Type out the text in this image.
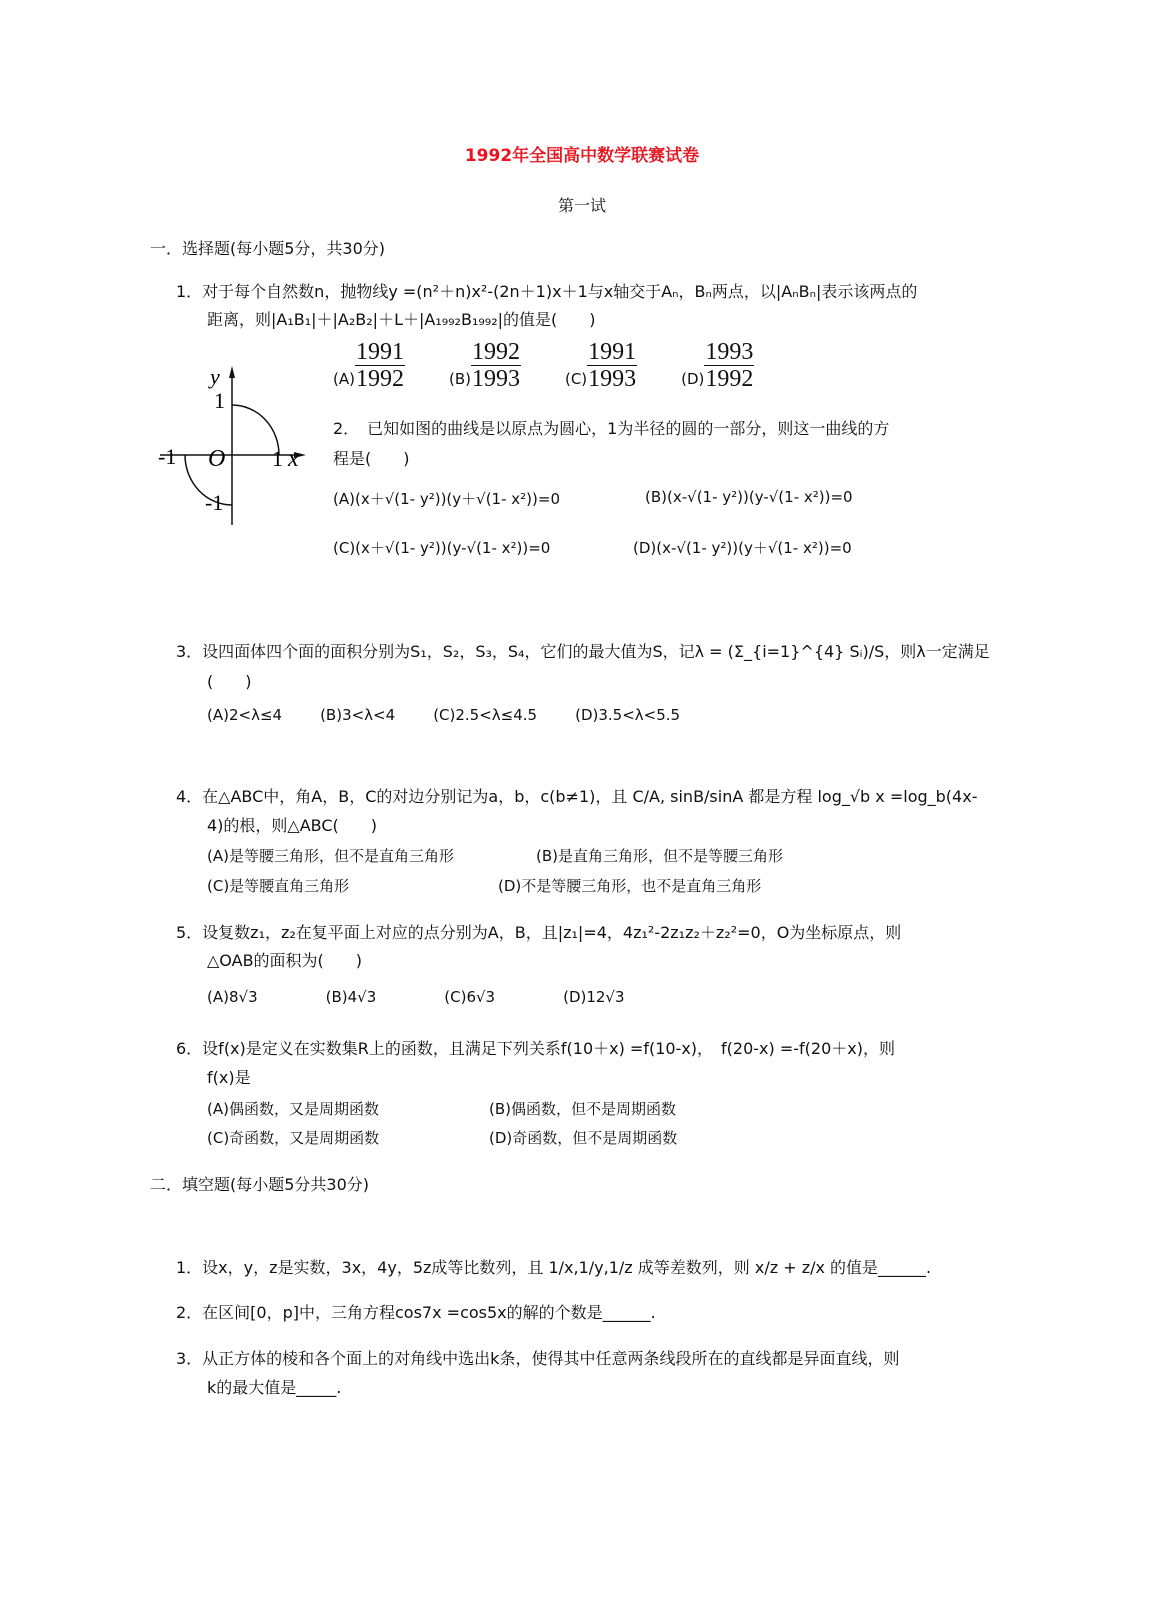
1992年全国高中数学联赛试卷
第一试
一．选择题(每小题5分，共30分)
1．对于每个自然数n，抛物线y =(n²＋n)x²-(2n＋1)x＋1与x轴交于Aₙ，Bₙ两点，以|AₙBₙ|表示该两点的
距离，则|A₁B₁|＋|A₂B₂|＋L＋|A₁₉₉₂B₁₉₉₂|的值是(　　)
$(A) \frac{1991}{1992}$	$(B) \frac{1992}{1993}$	$(C) \frac{1991}{1993}$	$(D) \frac{1993}{1992}$
y
1
-1 O 1 x
-1
2．　已知如图的曲线是以原点为圆心，1为半径的圆的一部分，则这一曲线的方
程是(　　)
(A)(x＋√(1- y²))(y＋√(1- x²))=0	(B)(x-√(1- y²))(y-√(1- x²))=0
(C)(x＋√(1- y²))(y-√(1- x²))=0	(D)(x-√(1- y²))(y＋√(1- x²))=0
3．设四面体四个面的面积分别为S₁，S₂，S₃，S₄，它们的最大值为S，记λ = (Σ_{i=1}^{4} Sᵢ)/S，则λ一定满足
(　　)
(A)2<λ≤4	(B)3<λ<4	(C)2.5<λ≤4.5	(D)3.5<λ<5.5
4．在△ABC中，角A，B，C的对边分别记为a，b，c(b≠1)，且 C/A, sinB/sinA 都是方程 log_√b x =log_b(4x-
4)的根，则△ABC(　　)
(A)是等腰三角形，但不是直角三角形	(B)是直角三角形，但不是等腰三角形
(C)是等腰直角三角形	(D)不是等腰三角形，也不是直角三角形
5．设复数z₁，z₂在复平面上对应的点分别为A，B，且|z₁|=4，4z₁²-2z₁z₂＋z₂²=0，O为坐标原点，则
△OAB的面积为(　　)
(A)8√3	(B)4√3	(C)6√3	(D)12√3
6．设f(x)是定义在实数集R上的函数，且满足下列关系f(10＋x) =f(10-x)，　f(20-x) =-f(20＋x)，则
f(x)是
(A)偶函数，又是周期函数	(B)偶函数，但不是周期函数
(C)奇函数，又是周期函数	(D)奇函数，但不是周期函数
二．填空题(每小题5分共30分)
1．设x，y，z是实数，3x，4y，5z成等比数列，且 1/x,1/y,1/z 成等差数列，则 x/z + z/x 的值是______.
2．在区间[0，p]中，三角方程cos7x =cos5x的解的个数是______.
3．从正方体的棱和各个面上的对角线中选出k条，使得其中任意两条线段所在的直线都是异面直线，则
k的最大值是_____.
